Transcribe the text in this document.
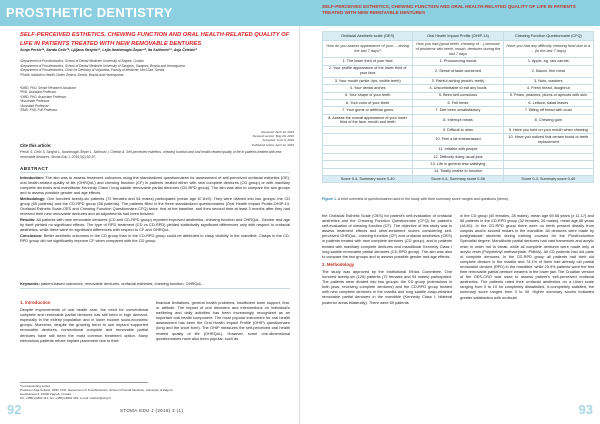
PROSTHETIC DENTISTRY
SELF-PERCEIVED ESTHETICS, CHEWING FUNCTION AND ORAL HEALTH-RELATED QUALITY OF LIFE IN PATIENTS TREATED WITH NEW REMOVABLE DENTURES
Sonja Peršić¹ᵃ, Sanda Ćelić²ᵇ, Ljiljana Strajnić³ᶜ, Lejla Ibrahimagić-Šeper⁴ᵈ, Ita Salihović⁵ᵉ, Asja Čelebić¹ᶠ
¹Department of Prosthodontics, School of Dental Medicine University of Zagreb, Croatia
²Department of Prosthodontics, School of Dental Medicine University of Sarajevo, Sarajevo, Bosnia and Herzegovina
³Department of Prosthodontics, Clinic for Dentistry of Vojvodina, Faculty of Medicine, Novi Sad, Serbia
⁴Public Institution Health Center Zenica, Zenica, Bosnia and Herzegovina
ᵃDMD, PhD, Senior Research Assistant
ᵇPhD, Assistant Professor
ᶜDMD, PhD, Associate Professor
ᵈAssociate Professor
ᵉAssistant Professor
ᶠDMD, PhD, Full Professor
Received: April 10, 2016
Revised version: May 26, 2016
Accepted: June 9, 2016
Published online: April 12, 2016
Cite this article:
Peršić S, Ćelić S, Strajnić L, Ibrahimagić-Šeper L, Salihović I, Čelebić A. Self-perceived esthetics, chewing function and oral health-related quality of life in patients treated with new removable dentures. Stoma Edu J. 2016;3(1):92-97.
ABSTRACT

Introduction: The aim was to assess treatment outcomes using the standardized questionnaires for assessment of self-perceived orofacial esthetics (OE), oral health-related quality of life (OHRQoL) and chewing function (CF) in patients treated either with new complete dentures (CD group) or with maxillary complete dentures and mandibular Kennedy Class I long saddle removable partial dentures (CD-RPD group). The aim was also to compare the two groups and to assess possible gender and age effects.

Methodology: One hundred twenty-six patients (72 females and 54 males) participated (mean age 67.8±9). They were divided into two groups: the CD group (69 patients) and the CD-RPD group (58 patients). The patients filled in the three standardized questionnaires (Oral Health Impact Profile-OHIP-14, Orofacial Esthetic Scale-OES and Chewing Function Questionnaire-CFQ) twice, first at the baseline, and then second time at least 3 months after they had received their new removable dentures and all adjustments had been finished.

Results: All patients with new removable dentures (CD and CD-RPD group) reported improved aesthetics, chewing function and OHRQoL. Gender and age by itself yielded no significant effects. The type of RPD treatment (CD vs CD-RPD) yielded statistically significant differences only with respect to orofacial aesthetics, while there were no significant differences with respect to CF and OHRQoL.

Conclusion: Better aesthetic outcomes in the CD group than in the CD-RPD group could be attributed to clasp visibility in the mandible. Clasps in the CD-RPD group did not significantly improve CF when compared with the CD group.

Keywords: patient-based outcomes, removable dentures, orofacial esthetics, chewing function, OHRQoL.
1. Introduction
Despite improvements of oral health care, the need for conventional complete and removable partial dentures has still been in high demand, especially in the elderly population and in lower income socio-economic groups. Moreover, despite the growing trend to use implant supported removable dentures, conventional complete and removable partial dentures have still been the most common treatment option. Many edentulous patients refuse implant placement due to their
financial limitations, general health problems, insufficient bone support, fear, or attitude. The impact of oral disorders and interventions on individual's wellbeing and daily activities has been increasingly recognized as an important oral health component. The most popular instrument for oral health assessment has been the Oral Health Impact Profile (OHIP) questionnaire (long and the short form). The OHIP measures the self-perceived oral health related quality of life (OHRQoL). However, some one-dimensional questionnaires have also been popular, such as
*Corresponding author:
Professor Asja Čelebić, DMD, PhD, Department of Prosthodontics, School of Dental Medicine, University of Zagreb
Gundulićeva 5, 10000 Zagreb, Croatia
Tel: +385(1)4802 111, fax: +385(1)4802 159, e-mail: celebic@sfzg.hr
92
SELF-PERCEIVED ESTHETICS, CHEWING FUNCTION AND ORAL HEALTH-RELATED QUALITY OF LIFE IN PATIENTS TREATED WITH NEW REMOVABLE DENTURES
Orofacial Aesthetic scale (OES)	Oral Health Impact Profile (OHIP-14)	Chewing Function Questionnaire (CFQ)
How do you assess appearance of your ... during the last 7 days?	How you had (good teeth, chewing of ...) because of problems with teeth, mouth, dentures during the last 7 days	Have you had any difficulty chewing food due to a ... (in the last 7 days)
1. The lower third of your face	1. Pronouncing words	1. Apple, eg. raw carrots
2. Your profile appearance of the lower third of your face	2. Sense of taste worsened	2. Bacon, firm meat
3. Your mouth (smile, lips, visible teeth)	3. Painful aching (mouth, teeth)	3. Nuts, crackers
4. Your dental arches	4. Uncomfortable to eat any foods	4. Fresh bread, doughnut
5. Your shape of your teeth	5. Been self-conscious	5. Pears, peaches, plums or apricots with skin
6. Your color of your teeth	6. Felt tense	6. Lettuce, salad leaves
7. Your gums or artificial gums	7. Diet been unsatisfactory	7. Biting off bread with crust
8. Assess the overall appearance of your lower third of the face, mouth and teeth	8. Interrupt meals	8. Chewing gum
	9. Difficult to relax	9. Have you held on your mouth when chewing
	10. Feel a bit embarrassed	10. Have you noticed that certain foods or teeth replacement
	11. Irritable with people	
	12. Difficulty doing usual jobs	
	13. Life in general less satisfying	
	14. Totally unable to function	
Score 0-4, Summary score 0-40	Score 0-4, Summary score 0-56	Score 0-4, Summary score 0-40
Figure 1. A brief overview of questionnaires used in the study with their summary score ranges and questions (items).
the Orofacial Esthetic Scale (OES) for patient's self-evaluation of orofacial aesthetics and the Chewing Function Questionnaire (CFQ) for patient's self-evaluation of chewing function (CF). The objective of this study was to assess treatment effects and other-treatment scores considering self-perceived OHRQoL, chewing function (CF) and orofacial aesthetics (OES) in patients treated with new complete dentures (CD group), and in patients treated with maxillary complete dentures and mandibular Kennedy Class I long saddle removable partial dentures (CD-RPD group). The aim was also to compare the two groups and to assess possible gender and age effects.
2. Methodology
The study was approved by the Institutional Ethics Committee. One hundred twenty-six (126) patients (72 females and 54 males) participated. The patients were divided into two groups: the CD group (edentulous in both jaws, receiving complete dentures) and the CD-RPD group treated with new complete dentures in the maxilla and long saddle clasp-retained removable partial dentures in the mandible (Kennedy Class I, bilateral posterior areas bilaterally). There were 69 patients
in the CD group (40 females, 28 males), mean age 69.58 years (± 11.17) and 58 patients in the CD-RPD group (32 females, 26 males), mean age 66 years (±8.81). In the CD-RPD group there were no teeth present distally from cuspids and/or second molars in the mandible. All dentures were made by postgraduate students during training courses for the Prosthodontics Specialist degree. Mandibular partial dentures had cast framework and acrylic resin in order not to break, while all complete dentures were made only of acrylic resin (Polymethyl methacrylate, PMMA). All CD patients had old pairs of complete dentures. In the CD-RPD group all patients had their old complete denture in the maxilla and 74.1% of them had already old partial removable denture (RPD) in the mandible, while 25.9% patients were the first time removable partial denture wearers in the lower jaw. The Croatian version of the OES-CRO was used to assess patient's self-perceived orofacial aesthetics. The patients rated their orofacial aesthetics on a Likert scale ranging from 0 to 10 for completely dissatisfied, 0=completely satisfied, the summary score ranged from 0 to 40. Higher summary scores indicated greater satisfaction with orofacial
93
STOMA.EDU J (2016) 3 (1)
